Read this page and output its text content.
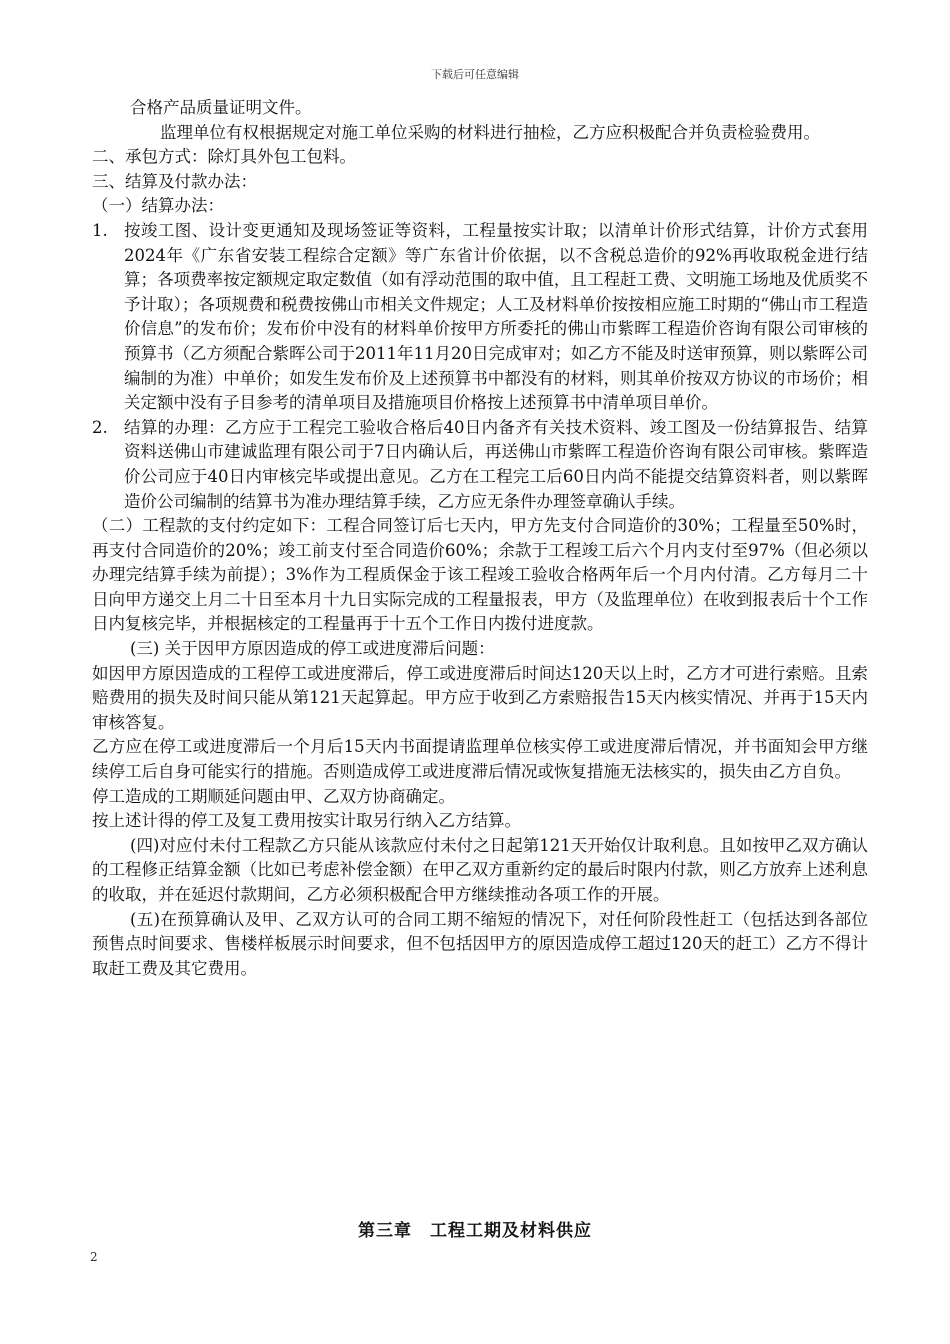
下载后可任意编辑

合格产品质量证明文件。

监理单位有权根据规定对施工单位采购的材料进行抽检，乙方应积极配合并负责检验费用。

二、承包方式：除灯具外包工包料。

三、结算及付款办法：

（一）结算办法：

1. 按竣工图、设计变更通知及现场签证等资料，工程量按实计取；以清单计价形式结算，计价方式套用2024年《广东省安装工程综合定额》等广东省计价依据，以不含税总造价的92%再收取税金进行结算；各项费率按定额规定取定数值（如有浮动范围的取中值，且工程赶工费、文明施工场地及优质奖不予计取）；各项规费和税费按佛山市相关文件规定；人工及材料单价按按相应施工时期的“佛山市工程造价信息”的发布价；发布价中没有的材料单价按甲方所委托的佛山市紫晖工程造价咨询有限公司审核的预算书（乙方须配合紫晖公司于2011年11月20日完成审对；如乙方不能及时送审预算，则以紫晖公司编制的为准）中单价；如发生发布价及上述预算书中都没有的材料，则其单价按双方协议的市场价；相关定额中没有子目参考的清单项目及措施项目价格按上述预算书中清单项目单价。
2. 结算的办理：乙方应于工程完工验收合格后40日内备齐有关技术资料、竣工图及一份结算报告、结算资料送佛山市建诚监理有限公司于7日内确认后，再送佛山市紫晖工程造价咨询有限公司审核。紫晖造价公司应于40日内审核完毕或提出意见。乙方在工程完工后60日内尚不能提交结算资料者，则以紫晖造价公司编制的结算书为准办理结算手续，乙方应无条件办理签章确认手续。

（二）工程款的支付约定如下：工程合同签订后七天内，甲方先支付合同造价的30%；工程量至50%时，再支付合同造价的20%；竣工前支付至合同造价60%；余款于工程竣工后六个月内支付至97%（但必须以办理完结算手续为前提）；3%作为工程质保金于该工程竣工验收合格两年后一个月内付清。乙方每月二十日向甲方递交上月二十日至本月十九日实际完成的工程量报表，甲方（及监理单位）在收到报表后十个工作日内复核完毕，并根据核定的工程量再于十五个工作日内拨付进度款。

(三) 关于因甲方原因造成的停工或进度滞后问题：

如因甲方原因造成的工程停工或进度滞后，停工或进度滞后时间达120天以上时，乙方才可进行索赔。且索赔费用的损失及时间只能从第121天起算起。甲方应于收到乙方索赔报告15天内核实情况、并再于15天内审核答复。

乙方应在停工或进度滞后一个月后15天内书面提请监理单位核实停工或进度滞后情况，并书面知会甲方继续停工后自身可能实行的措施。否则造成停工或进度滞后情况或恢复措施无法核实的，损失由乙方自负。

停工造成的工期顺延问题由甲、乙双方协商确定。

按上述计得的停工及复工费用按实计取另行纳入乙方结算。

(四)对应付未付工程款乙方只能从该款应付未付之日起第121天开始仅计取利息。且如按甲乙双方确认的工程修正结算金额（比如已考虑补偿金额）在甲乙双方重新约定的最后时限内付款，则乙方放弃上述利息的收取，并在延迟付款期间，乙方必须积极配合甲方继续推动各项工作的开展。

(五)在预算确认及甲、乙双方认可的合同工期不缩短的情况下，对任何阶段性赶工（包括达到各部位预售点时间要求、售楼样板展示时间要求，但不包括因甲方的原因造成停工超过120天的赶工）乙方不得计取赶工费及其它费用。

第三章　工程工期及材料供应
2
